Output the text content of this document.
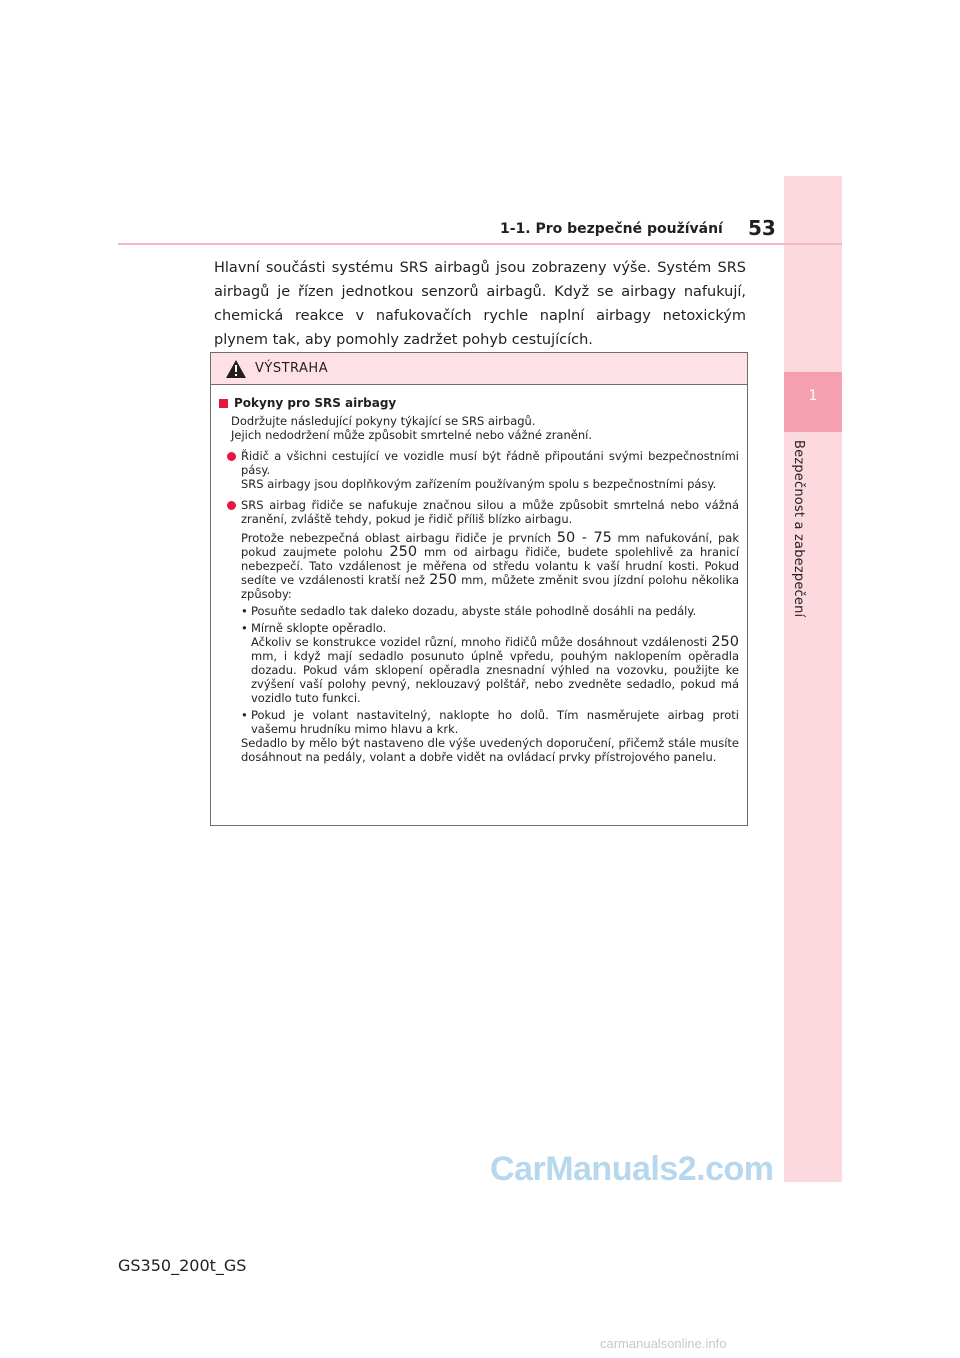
1
Bezpečnost a zabezpečení
1-1. Pro bezpečné používání 53

Hlavní součásti systému SRS airbagů jsou zobrazeny výše. Systém SRS airbagů je řízen jednotkou senzorů airbagů. Když se airbagy nafukují, chemická reakce v nafukovačích rychle naplní airbagy netoxickým plynem tak, aby pomohly zadržet pohyb cestujících.

VÝSTRAHA
Pokyny pro SRS airbagy

Dodržujte následující pokyny týkající se SRS airbagů.

Jejich nedodržení může způsobit smrtelné nebo vážné zranění.

Řidič a všichni cestující ve vozidle musí být řádně připoutáni svými bezpečnostními pásy.
SRS airbagy jsou doplňkovým zařízením používaným spolu s bezpečnostními pásy.
SRS airbag řidiče se nafukuje značnou silou a může způsobit smrtelná nebo vážná zranění, zvláště tehdy, pokud je řidič příliš blízko airbagu.

Protože nebezpečná oblast airbagu řidiče je prvních 50 - 75 mm nafukování, pak pokud zaujmete polohu 250 mm od airbagu řidiče, budete spolehlivě za hranicí nebezpečí. Tato vzdálenost je měřena od středu volantu k vaší hrudní kosti. Pokud sedíte ve vzdálenosti kratší než 250 mm, můžete změnit svou jízdní polohu několika způsoby:

• Posuňte sedadlo tak daleko dozadu, abyste stále pohodlně dosáhli na pedály.
• Mírně sklopte opěradlo.

Ačkoliv se konstrukce vozidel různí, mnoho řidičů může dosáhnout vzdálenosti 250 mm, i když mají sedadlo posunuto úplně vpředu, pouhým naklopením opěradla dozadu. Pokud vám sklopení opěradla znesnadní výhled na vozovku, použijte ke zvýšení vaší polohy pevný, neklouzavý polštář, nebo zvedněte sedadlo, pokud má vozidlo tuto funkci.

• Pokud je volant nastavitelný, naklopte ho dolů. Tím nasměrujete airbag proti vašemu hrudníku mimo hlavu a krk.

Sedadlo by mělo být nastaveno dle výše uvedených doporučení, přičemž stále musíte dosáhnout na pedály, volant a dobře vidět na ovládací prvky přístrojového panelu.

CarManuals2.com
GS350_200t_GS
carmanualsonline.info
